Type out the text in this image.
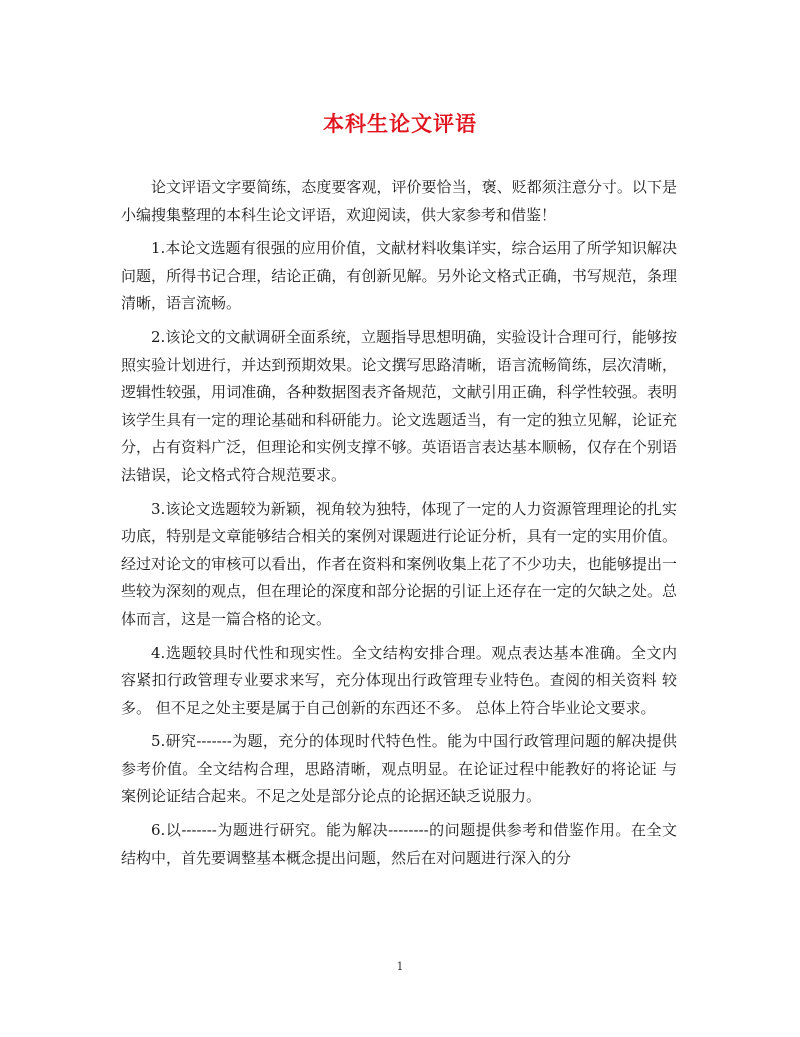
本科生论文评语

论文评语文字要简练，态度要客观，评价要恰当，褒、贬都须注意分寸。以下是小编搜集整理的本科生论文评语，欢迎阅读，供大家参考和借鉴！

1.本论文选题有很强的应用价值，文献材料收集详实，综合运用了所学知识解决问题，所得书记合理，结论正确，有创新见解。另外论文格式正确，书写规范，条理清晰，语言流畅。

2.该论文的文献调研全面系统，立题指导思想明确，实验设计合理可行，能够按照实验计划进行，并达到预期效果。论文撰写思路清晰，语言流畅简练，层次清晰，逻辑性较强，用词准确，各种数据图表齐备规范，文献引用正确，科学性较强。表明该学生具有一定的理论基础和科研能力。论文选题适当，有一定的独立见解，论证充分，占有资料广泛，但理论和实例支撑不够。英语语言表达基本顺畅，仅存在个别语法错误，论文格式符合规范要求。

3.该论文选题较为新颖，视角较为独特，体现了一定的人力资源管理理论的扎实功底，特别是文章能够结合相关的案例对课题进行论证分析，具有一定的实用价值。经过对论文的审核可以看出，作者在资料和案例收集上花了不少功夫，也能够提出一些较为深刻的观点，但在理论的深度和部分论据的引证上还存在一定的欠缺之处。总体而言，这是一篇合格的论文。

4.选题较具时代性和现实性。全文结构安排合理。观点表达基本准确。全文内 容紧扣行政管理专业要求来写，充分体现出行政管理专业特色。查阅的相关资料 较多。 但不足之处主要是属于自己创新的东西还不多。 总体上符合毕业论文要求。

5.研究-------为题，充分的体现时代特色性。能为中国行政管理问题的解决提供 参考价值。全文结构合理，思路清晰，观点明显。在论证过程中能教好的将论证 与案例论证结合起来。不足之处是部分论点的论据还缺乏说服力。

6.以-------为题进行研究。能为解决--------的问题提供参考和借鉴作用。在全文 结构中，首先要调整基本概念提出问题，然后在对问题进行深入的分

1
